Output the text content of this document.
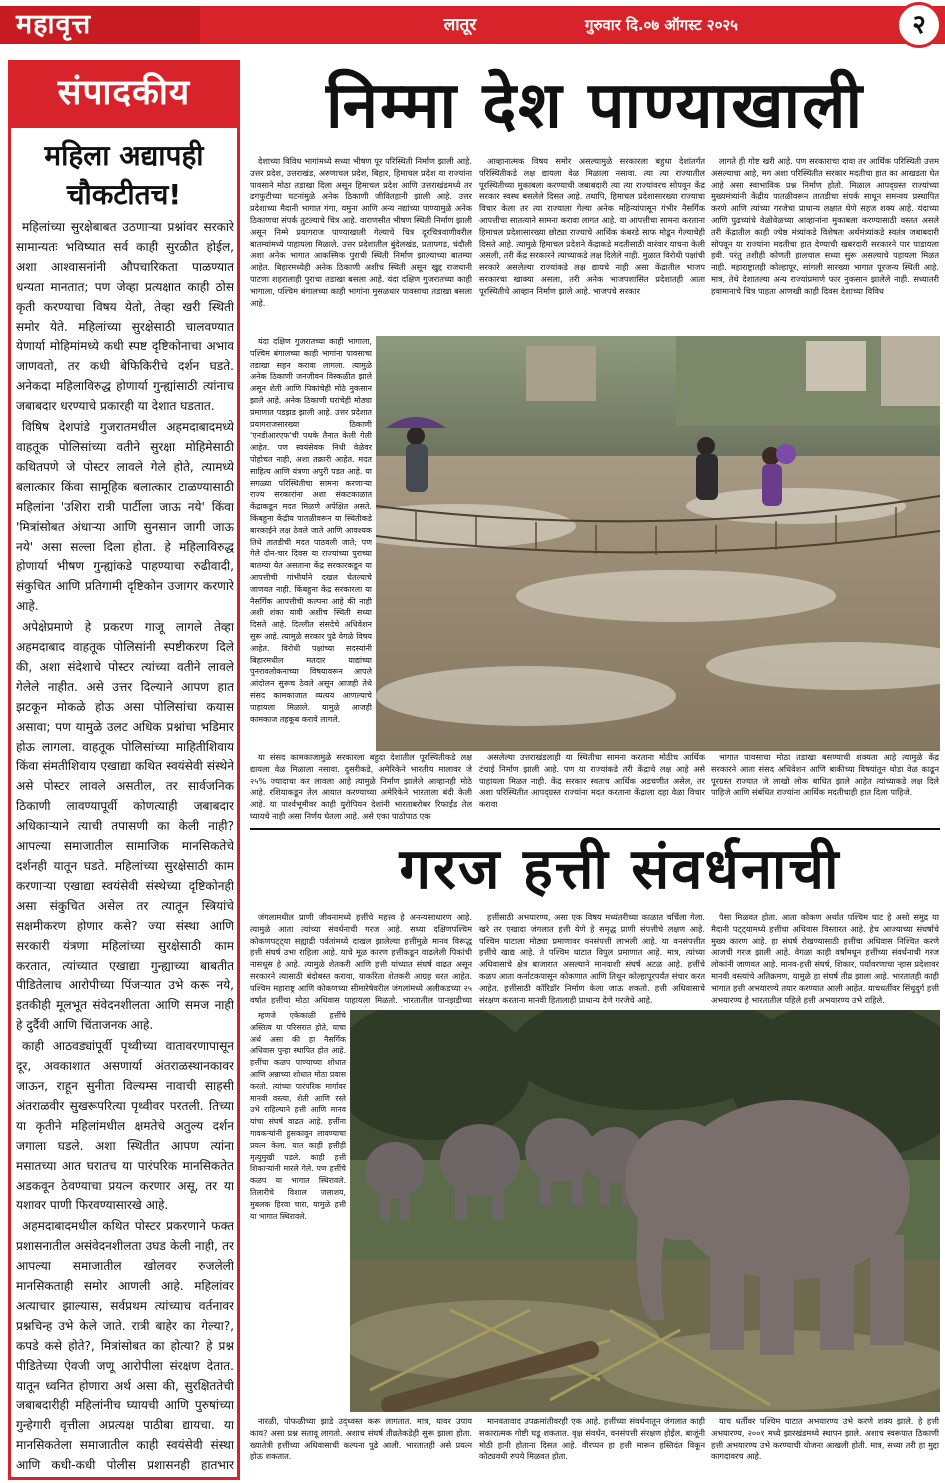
महावृत्त	लातूर	गुरुवार दि.०७ ऑगस्ट २०२५	२
संपादकीय
महिला अद्यापही
चौकटीतच!

महिलांच्या सुरक्षेबाबत उठणाऱ्या प्रश्नांवर सरकारे सामान्यतः भविष्यात सर्व काही सुरळीत होईल, अशा आश्वासनांनी औपचारिकता पाळण्यात धन्यता मानतात; पण जेव्हा प्रत्यक्षात काही ठोस कृती करण्याचा विषय येतो, तेव्हा खरी स्थिती समोर येते. महिलांच्या सुरक्षेसाठी चालवण्यात येणार्या मोहिमांमध्ये कधी स्पष्ट दृष्टिकोनाचा अभाव जाणवतो, तर कधी बेफिकिरीचे दर्शन घडते. अनेकदा महिलाविरुद्ध होणार्या गुन्ह्यांसाठी त्यांनाच जबाबदार धरण्याचे प्रकारही या देशात घडतात.

विषिष देशपांडे गुजरातमधील अहमदाबादमध्ये वाहतूक पोलिसांच्या वतीने सुरक्षा मोहिमेसाठी कथितपणे जे पोस्टर लावले गेले होते, त्यामध्ये बलात्कार किंवा सामूहिक बलात्कार टाळण्यासाठी महिलांना 'उशिरा रात्री पार्टीला जाऊ नये' किंवा 'मित्रांसोबत अंधाऱ्या आणि सुनसान जागी जाऊ नये' असा सल्ला दिला होता. हे महिलाविरुद्ध होणार्या भीषण गुन्ह्यांकडे पाहण्याचा रुढीवादी, संकुचित आणि प्रतिगामी दृष्टिकोन उजागर करणारे आहे.

अपेक्षेप्रमाणे हे प्रकरण गाजू लागले तेव्हा अहमदाबाद वाहतूक पोलिसांनी स्पष्टीकरण दिले की, अशा संदेशाचे पोस्टर त्यांच्या वतीने लावले गेलेले नाहीत. असे उत्तर दिल्याने आपण हात झटकून मोकळे होऊ असा पोलिसांचा कयास असावा; पण यामुळे उलट अधिक प्रश्नांचा भडिमार होऊ लागला. वाहतूक पोलिसांच्या माहितीशिवाय किंवा संमतीशिवाय एखाद्या कथित स्वयंसेवी संस्थेने असे पोस्टर लावले असतील, तर सार्वजनिक ठिकाणी लावण्यापूर्वी कोणत्याही जबाबदार अधिकाऱ्याने त्याची तपासणी का केली नाही? आपल्या समाजातील सामाजिक मानसिकतेचे दर्शनही यातून घडते. महिलांच्या सुरक्षेसाठी काम करणाऱ्या एखाद्या स्वयंसेवी संस्थेच्या दृष्टिकोनही असा संकुचित असेल तर त्यातून स्त्रियांचे सक्षमीकरण होणार कसे? ज्या संस्था आणि सरकारी यंत्रणा महिलांच्या सुरक्षेसाठी काम करतात, त्यांच्यात एखाद्या गुन्ह्याच्या बाबतीत पीडितेलाच आरोपीच्या पिंजऱ्यात उभे करू नये, इतकीही मूलभूत संवेदनशीलता आणि समज नाही हे दुर्दैवी आणि चिंताजनक आहे.

काही आठवड्यांपूर्वी पृथ्वीच्या वातावरणापासून दूर, अवकाशात असणार्या अंतराळस्थानकावर जाऊन, राहून सुनीता विल्यम्स नावाची साहसी अंतराळवीर सुखरूपरित्या पृथ्वीवर परतली. तिच्या या कृतीने महिलांमधील क्षमतेचे अतुल्य दर्शन जगाला घडले. अशा स्थितीत आपण त्यांना मसातच्या आत घरातच या पारंपरिक मानसिकतेत अडकवून ठेवण्याचा प्रयत्न करणार असू, तर या यशावर पाणी फिरवण्यासारखे आहे.

अहमदाबादमधील कथित पोस्टर प्रकरणाने फक्त प्रशासनातील असंवेदनशीलता उघड केली नाही, तर आपल्या समाजातील खोलवर रुजलेली मानसिकताही समोर आणली आहे. महिलांवर अत्याचार झाल्यास, सर्वप्रथम त्यांच्याच वर्तनावर प्रश्नचिन्ह उभे केले जाते. रात्री बाहेर का गेल्या?, कपडे कसे होते?, मित्रांसोबत का होत्या? हे प्रश्न पीडितेच्या ऐवजी जणू आरोपीला संरक्षण देतात. यातून ध्वनित होणारा अर्थ असा की, सुरक्षिततेची जबाबदारीही महिलांनीच घ्यायची आणि पुरुषांच्या गुन्हेगारी वृत्तीला अप्रत्यक्ष पाठीबा द्यायचा. या मानसिकतेला समाजातील काही स्वयंसेवी संस्था आणि कधी-कधी पोलीस प्रशासनही हातभार

निम्मा देश पाण्याखाली

देशाच्या विविध भागांमध्ये सध्या भीषण पूर परिस्थिती निर्माण झाली आहे. उत्तर प्रदेश, उत्तराखंड, अरुणाचल प्रदेश, बिहार, हिमाचल प्रदेश या राज्यांना पावसाने मोठा तडाखा दिला असून हिमाचल प्रदेश आणि उत्तराखंडमध्ये तर ढगफुटीच्या घटनांमुळे अनेक ठिकाणी जीवितहानी झाली आहे. उत्तर प्रदेशाच्या मैदानी भागात गंगा, यमुना आणि अन्य नद्यांच्या पाण्यामुळे अनेक ठिकाणचा संपर्क तुटल्याचे चित्र आहे. वाराणसीत भीषण स्थिती निर्माण झाली असून निम्मे प्रयागराज पाण्याखाली गेल्याचे चित्र दूरचित्रवाणीवरील बातम्यांमध्ये पाहायला मिळाले. उत्तर प्रदेशातील बुंदेलखंड, प्रतापगड, चंदौली अशा अनेक भागात आकस्मिक पुराची स्थिती निर्माण झाल्याच्या बातम्या आहेत. बिहारमध्येही अनेक ठिकाणी अशीच स्थिती असून खुद्द राजधानी पाटणा शहरालाही पुराचा तडाखा बसला आहे. यंदा दक्षिण गुजरातच्या काही भागाला, पश्चिम बंगालच्या काही भागांना मुसळधार पावसाचा तडाखा बसला आहे.

आव्हानात्मक विषय समोर असल्यामुळे सरकारला बहुधा देशांतर्गत परिस्थितीकडे लक्ष द्यायला वेळ मिळाला नसावा. त्या त्या राज्यातील पूरस्थितीच्या मुकाबला करण्याची जबाबदारी त्या त्या राज्यांवरच सोपवून केंद्र सरकार स्वस्थ बसलेले दिसत आहे. तथापि, हिमाचल प्रदेशासारख्या राज्याचा विचार केला तर त्या राज्याला गेल्या अनेक महिन्यांपासून गंभीर नैसर्गिक आपत्तीचा सातत्याने सामना करावा लागत आहे. या आपत्तीचा सामना करताना हिमाचल प्रदेशासारख्या छोट्या राज्याचे आर्थिक कंबरडे साफ मोडून गेल्याचेही दिसते आहे. त्यामुळे हिमाचल प्रदेशने केंद्राकडे मदतीसाठी वारंवार याचना केली असली, तरी केंद्र सरकारने त्याच्याकडे लक्ष दिलेले नाही. मुळात विरोधी पक्षांची सरकारे असलेल्या राज्यांकडे लक्ष द्यायचे नाही असा केंद्रातील भाजप सरकारचा खाक्या असला, तरी अनेक भाजपशासित प्रदेशातही आता पूरस्थितीचे आव्हान निर्माण झाले आहे. भाजपचे सरकार

लागते ही गोष्ट खरी आहे. पण सरकाराचा दावा तर आर्थिक परिस्थिती उत्तम असल्याचा आहे, मग अशा परिस्थितीत सरकार मदतीचा हात का आखडता घेत आहे असा स्वाभाविक प्रश्न निर्माण होतो. मिळाल आपद्ग्रस्त राज्यांच्या मुख्यमंत्र्यांनी केंद्रीय पातळीवरून तातडीचा संपर्क साधून समन्वय प्रस्थापित करणे आणि त्यांच्या गरजेचा प्राधान्य लक्षात घेणे सहज शक्य आहे. यंदाच्या आणि पुढच्यांचे वेळोवेळच्या आव्हानांना मुकाबला करण्यासाठी वस्तत असले तरी केंद्रातील काही ज्येष्ठ मंत्र्यांकडे विशेषतः अर्थमंत्र्यांकडे स्वतंत्र जबाबदारी सोपवून या राज्यांना मदतीचा हात देण्याची खबरदारी सरकारने पार पाडायला हवी. परंतु तशीही कोणती हालचाल सध्या सुरू असल्याचे पहायला मिळत नाही. महाराष्ट्रातही कोल्हापूर, सांगली सारख्या भागात पूरजन्य स्थिती आहे. मात्र, तेथे देशातल्या अन्य राज्यांप्रमाणे फार नुकसान झालेले नाही. सध्यातरी हवामानाचे चित्र पाहता आणखी काही दिवस देशाच्या विविध

यंदा दक्षिण गुजरातच्या काही भागाला, पश्चिम बंगालच्या काही भागांना पावसाचा तडाखा सहन करावा लागला. त्यामुळे अनेक ठिकाणी जनजीवन विस्कळीत झाले असून शेती आणि पिकांचेही मोठे नुकसान झाले आहे. अनेक ठिकाणी घरांचेही मोठ्या प्रमाणात पडझड झाली आहे. उत्तर प्रदेशात प्रयागराजसारख्या ठिकाणी 'एनडीआरएफ'ची पथके तैनात केली गेली आहेत. पण स्वयंसेवक निधी वेळेवर पोहोचत नाही, अशा तक्रारी आहेत. मदत साहित्य आणि यंत्रणा अपुरी पडत आहे. या सगळ्या परिस्थितीचा सामना करणाऱ्या राज्य सरकारांना अशा संकटकाळात केंद्राकडून मदत मिळणे अपेक्षित असते. किंबहुना केंद्रीय पातळीवरून या स्थितीकडे बारकाईने लक्ष ठेवले जाते आणि आवश्यक तिथे तातडीची मदत पाठवली जाते; पण गेले दोन-चार दिवस या राज्यांच्या पुराच्या बातम्या येत असताना केंद्र सरकारकडून या आपत्तीची गांभीर्याने दखल घेतल्याचे जाणवत नाही. किंबहुना केंद्र सरकारला या नैसर्गिक आपत्तीची कल्पना आहे की नाही अशी शंका यावी अशीच स्थिती सध्या दिसते आहे. दिल्लीत संसदेचे अधिवेशन सुरू आहे. त्यामुळे सरकार पुढे वेगळे विषय आहेत. विरोधी पक्षांच्या सदस्यांनी बिहारमधील मतदार याद्यांच्या पुनरावलोकनाच्या विषयावरून आपले आंदोलन सुरूच ठेवले असून आजही तेथे संसद कामकाजात व्यत्यय आणल्याचे पाहायला मिळाले. यामुळे आजही कामकाज तहकूब करावे लागले.

या संसद कामकाजामुळे सरकारला बहुदा देशातील पूरस्थितीकडे लक्ष द्यायला वेळ मिळाला नसावा. दुसरीकडे, अमेरिकेने भारतीय मालावर जे २५% ज्यादाचा कर लावला आहे त्यामुळे निर्माण झालेले आव्हानही मोठे आहे. रशियाकडून तेल आयात करण्याच्या अमेरिकेने भारताला बंदी केली आहे. या पार्श्वभूमीवर काही युरोपियन देशांनी भारताबरोबर रिफाईंड तेल घ्यायचे नाही असा निर्णय घेतला आहे. असे एका पाठोपाठ एक

असलेल्या उत्तराखंडलाही या स्थितीचा सामना करताना मोठीच आर्थिक टंचाई निर्माण झाली आहे. पण या राज्यांकडे तरी केंद्राचे लक्ष आहे असे पाहायला मिळत नाही. केंद्र सरकार स्वतःच आर्थिक अडचणीत असेल, तर अशा परिस्थितीत आपद्ग्रस्त राज्यांना मदत करताना केंद्राला दहा वेळा विचार करावा

भागात पावसाचा मोठा तडाखा बसण्याची शक्यता आहे त्यामुळे केंद्र सरकारने आता संसद अधिवेशन आणि बाकीच्या विषयांतून थोडा वेळ काढून पूरग्रस्त राज्यात जे लाखो लोक बाधित झाले आहेत त्यांच्याकडे लक्ष दिले पाहिजे आणि संबंधित राज्यांना आर्थिक मदतीचाही हात दिला पाहिजे.

गरज हत्ती संवर्धनाची

जंगलामधील प्राणी जीवनामध्ये हत्तींचे महत्त्व हे अनन्यसाधारण आहे. त्यामुळे आता त्यांच्या संवर्धनाची गरज आहे. सध्या दक्षिणपश्चिम कोकणपट्ट्या सह्याद्री पर्वतांमध्ये दाखल झालेल्या हत्तींमुळे मानव विरूद्ध हत्ती संघर्ष उभा राहिला आहे. याचे मूळ कारण हत्तींकडून वाढलेली पिकांची नासधूस हे आहे. त्यामुळे शेतकरी आणि हत्ती यांच्यात संघर्ष वाढत असून सरकारने त्यासाठी बंदोबस्त करावा, याकरिता शेतकरी आग्रह धरत आहेत. पश्चिम महाराष्ट्र आणि कोकणच्या सीमारेषेवरील जंगलांमध्ये अलीकडच्या २५ वर्षात हत्तींचा मोठा अधिवास पाहायला मिळतो. भारतातील पानझडीच्या

हत्तींसाठी अभयारण्य, असा एक विषय मध्यंतरीच्या काळात चर्चिला गेला. खरे तर एखादा जंगलात हत्ती येणे हे समृद्ध प्राणी संपत्तीचे लक्षण आहे. पश्चिम घाटाला मोठ्या प्रमाणावर वनसंपत्ती लाभली आहे. या वनसंपत्तीत हत्तींचे खाद्य आहे. ते पश्चिम घाटात विपुल प्रमाणात आहे. मात्र, त्यांच्या अधिवासाचे क्षेत्र बाजारात असल्याने मानवाशी संघर्ष अटळ आहे. हत्तींचे कळप आता कर्नाटकपासून कोकणात आणि तिथून कोल्हापूरपर्यंत संचार करत आहेत. हत्तींसाठी कॉरिडॉर निर्माण केला जाऊ शकतो. हत्ती अधिवासाचे संरक्षण करताना मानवी हितालाही प्राधान्य देणे गरजेचे आहे.

पैसा मिळवत होता. आता कोकण अर्थात पश्चिम घाट हे असो समुद्र या मैदानी पट्ट्यामध्ये हत्तींचा अधिवास विस्तारत आहे. हेच आज्याच्या संघर्षाचे मुख्य कारण आहे. हा संघर्ष रोखण्यासाठी हत्तींचा अधिवास निश्चित करणे आजची गरज झाली आहे. वेगळा काही वर्षांमधून हत्तींच्या संवर्धनाची गरज लोकांनी जाणवत आहे. मानव-हत्ती संघर्ष, शिकार, पर्यावरणाचा ऱ्हास प्रदेशावर मानवी वस्त्यांचे अतिक्रमण, यामुळे हा संघर्ष तीव्र झाला आहे. भारतातही काही भागात हत्ती अभयारण्ये तयार करण्यात आली आहेत. याचधर्तीवर सिंधुदुर्ग हत्ती अभयारण्य हे भारतातील पहिले हत्ती अभयारण्य उभे राहिले.

म्हणजे एकेकाळी हत्तींचे अस्तित्व या परिसरात होते, याचा अर्थ असा की हा नैसर्गिक अधिवास पुन्हा स्थापित होत आहे. हत्तींचा कळप पाण्याच्या शोधात आणि अन्नाच्या शोधात मोठा प्रवास करतो. त्यांच्या पारंपरिक मार्गावर मानवी वस्त्या, शेती आणि रस्ते उभे राहिल्याने हत्ती आणि मानव यांचा संघर्ष वाढत आहे. हत्तींना गावकऱ्यांनी हुसकावून लावण्याचा प्रयत्न केला. यात काही हत्तीही मृत्युमुखी पडले. काही हत्ती शिकाऱ्यांनी मारले गेले. पण हत्तींचे कळप या भागात स्थिरावले. तिलारीचे विशाल जलाशय, मुबलक हिरवा चारा, यामुळे हत्ती या भागात स्थिरावले.

नारळी, पोफळीच्या झाडे उद्ध्वस्त करू लागतात. मात्र, यावर उपाय काय? असा प्रश्न सतावू लागतो. अशाच संघर्ष तीव्रतेकडेही सुरू झाला होता. ख्यातेत्री हत्तींच्या अधिवासाची कल्पना पुढे आली. भारतातही असे प्रयत्न होऊ शकतात.

मानवतावाद उपक्रमांतीवरही एक आहे. हत्तींच्या संवर्धनातून जंगलात काही सकारात्मक गोष्टी घडू शकतात. वृक्ष संवर्धन, वनसंपत्ती संरक्षण होईल. बाजूंनी मोठी हानी होताना दिसत आहे. वीरप्पन हा हत्ती मारून हस्तिदंत विकून कोट्यवधी रुपये मिळवत होता.

याच धर्तीवर पश्चिम घाटात अभयारण्य उभे करणे शक्य झाले. हे हत्ती अभयारण्य, २००१ मध्ये झारखंडमध्ये स्थापन झाले. अशाच स्वरूपात ठिकाणी हत्ती अभयारण्य उभे करण्याची योजना आखली होती. मात्र, सध्या तरी हा मुद्दा कागदावरच आहे.
